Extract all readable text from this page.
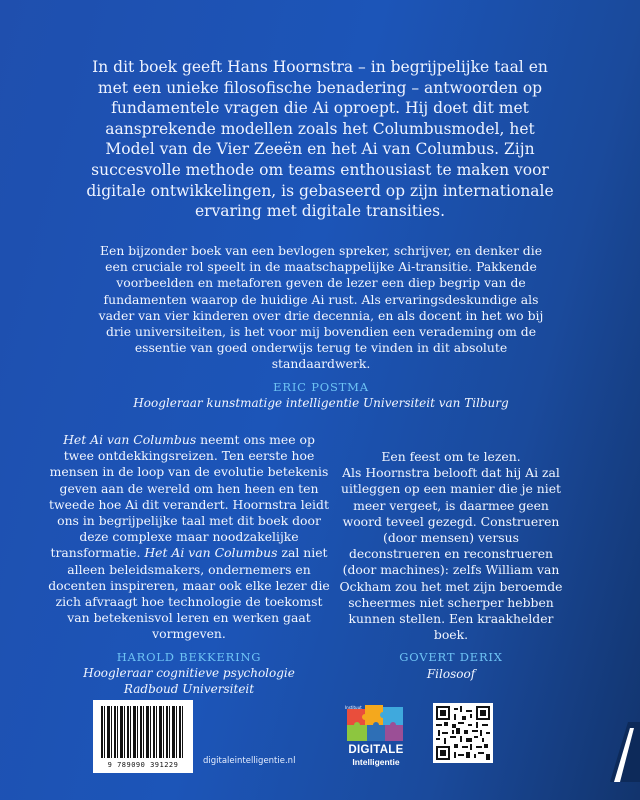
In dit boek geeft Hans Hoornstra – in begrijpelijke taal en met een unieke filosofische benadering – antwoorden op fundamentele vragen die Ai oproept. Hij doet dit met aansprekende modellen zoals het Columbusmodel, het Model van de Vier Zeeën en het Ai van Columbus. Zijn succesvolle methode om teams enthousiast te maken voor digitale ontwikkelingen, is gebaseerd op zijn internationale ervaring met digitale transities.

Een bijzonder boek van een bevlogen spreker, schrijver, en denker die een cruciale rol speelt in de maatschappelijke Ai-transitie. Pakkende voorbeelden en metaforen geven de lezer een diep begrip van de fundamenten waarop de huidige Ai rust. Als ervaringsdeskundige als vader van vier kinderen over drie decennia, en als docent in het wo bij drie universiteiten, is het voor mij bovendien een verademing om de essentie van goed onderwijs terug te vinden in dit absolute standaardwerk.
ERIC POSTMA
Hoogleraar kunstmatige intelligentie Universiteit van Tilburg
Het Ai van Columbus neemt ons mee op twee ontdekkingsreizen. Ten eerste hoe mensen in de loop van de evolutie betekenis geven aan de wereld om hen heen en ten tweede hoe Ai dit verandert. Hoornstra leidt ons in begrijpelijke taal met dit boek door deze complexe maar noodzakelijke transformatie. Het Ai van Columbus zal niet alleen beleidsmakers, ondernemers en docenten inspireren, maar ook elke lezer die zich afvraagt hoe technologie de toekomst van betekenisvol leren en werken gaat vormgeven.
HAROLD BEKKERING
Hoogleraar cognitieve psychologie
Radboud Universiteit
Een feest om te lezen.
Als Hoornstra belooft dat hij Ai zal uitleggen op een manier die je niet meer vergeet, is daarmee geen woord teveel gezegd. Construeren (door mensen) versus deconstrueren en reconstrueren (door machines): zelfs William van Ockham zou het met zijn beroemde scheermes niet scherper hebben kunnen stellen. Een kraakhelder boek.
GOVERT DERIX
Filosoof
9 789090 391229	digitaleintelligentie.nl
Instituut
DIGITALE
Intelligentie
